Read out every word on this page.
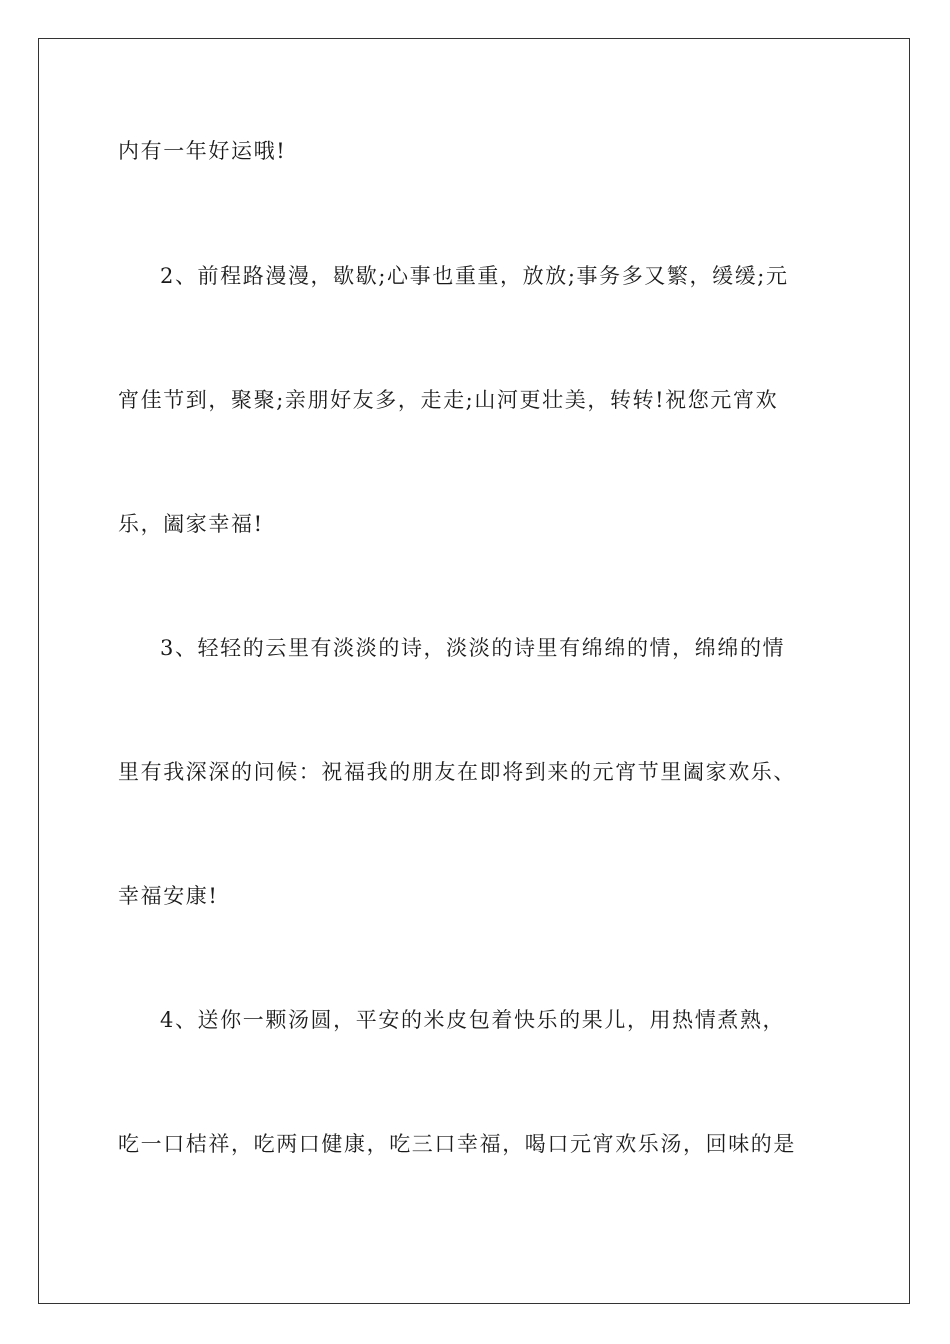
内有一年好运哦!

2、前程路漫漫，歇歇;心事也重重，放放;事务多又繁，缓缓;元

宵佳节到，聚聚;亲朋好友多，走走;山河更壮美，转转!祝您元宵欢

乐，阖家幸福!

3、轻轻的云里有淡淡的诗，淡淡的诗里有绵绵的情，绵绵的情

里有我深深的问候：祝福我的朋友在即将到来的元宵节里阖家欢乐、

幸福安康!

4、送你一颗汤圆，平安的米皮包着快乐的果儿，用热情煮熟，

吃一口桔祥，吃两口健康，吃三口幸福，喝口元宵欢乐汤，回味的是
